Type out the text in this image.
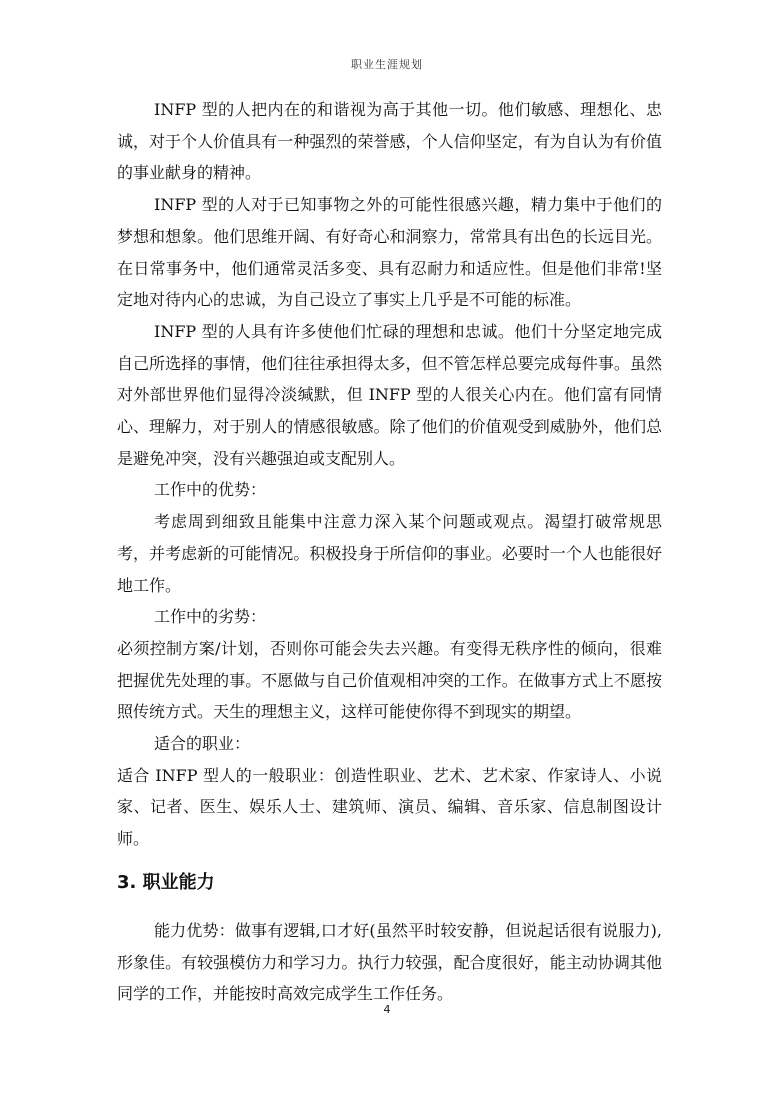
职业生涯规划

INFP 型的人把内在的和谐视为高于其他一切。他们敏感、理想化、忠诚，对于个人价值具有一种强烈的荣誉感，个人信仰坚定，有为自认为有价值的事业献身的精神。

INFP 型的人对于已知事物之外的可能性很感兴趣，精力集中于他们的梦想和想象。他们思维开阔、有好奇心和洞察力，常常具有出色的长远目光。在日常事务中，他们通常灵活多变、具有忍耐力和适应性。但是他们非常!坚定地对待内心的忠诚，为自己设立了事实上几乎是不可能的标准。

INFP 型的人具有许多使他们忙碌的理想和忠诚。他们十分坚定地完成自己所选择的事情，他们往往承担得太多，但不管怎样总要完成每件事。虽然对外部世界他们显得冷淡缄默，但 INFP 型的人很关心内在。他们富有同情心、理解力，对于别人的情感很敏感。除了他们的价值观受到威胁外，他们总是避免冲突，没有兴趣强迫或支配别人。

工作中的优势：

考虑周到细致且能集中注意力深入某个问题或观点。渴望打破常规思考，并考虑新的可能情况。积极投身于所信仰的事业。必要时一个人也能很好地工作。

工作中的劣势：

必须控制方案/计划，否则你可能会失去兴趣。有变得无秩序性的倾向，很难把握优先处理的事。不愿做与自己价值观相冲突的工作。在做事方式上不愿按照传统方式。天生的理想主义，这样可能使你得不到现实的期望。

适合的职业：

适合 INFP 型人的一般职业：创造性职业、艺术、艺术家、作家诗人、小说家、记者、医生、娱乐人士、建筑师、演员、编辑、音乐家、信息制图设计师。

3. 职业能力

能力优势：做事有逻辑,口才好(虽然平时较安静，但说起话很有说服力),形象佳。有较强模仿力和学习力。执行力较强，配合度很好，能主动协调其他同学的工作，并能按时高效完成学生工作任务。

4
